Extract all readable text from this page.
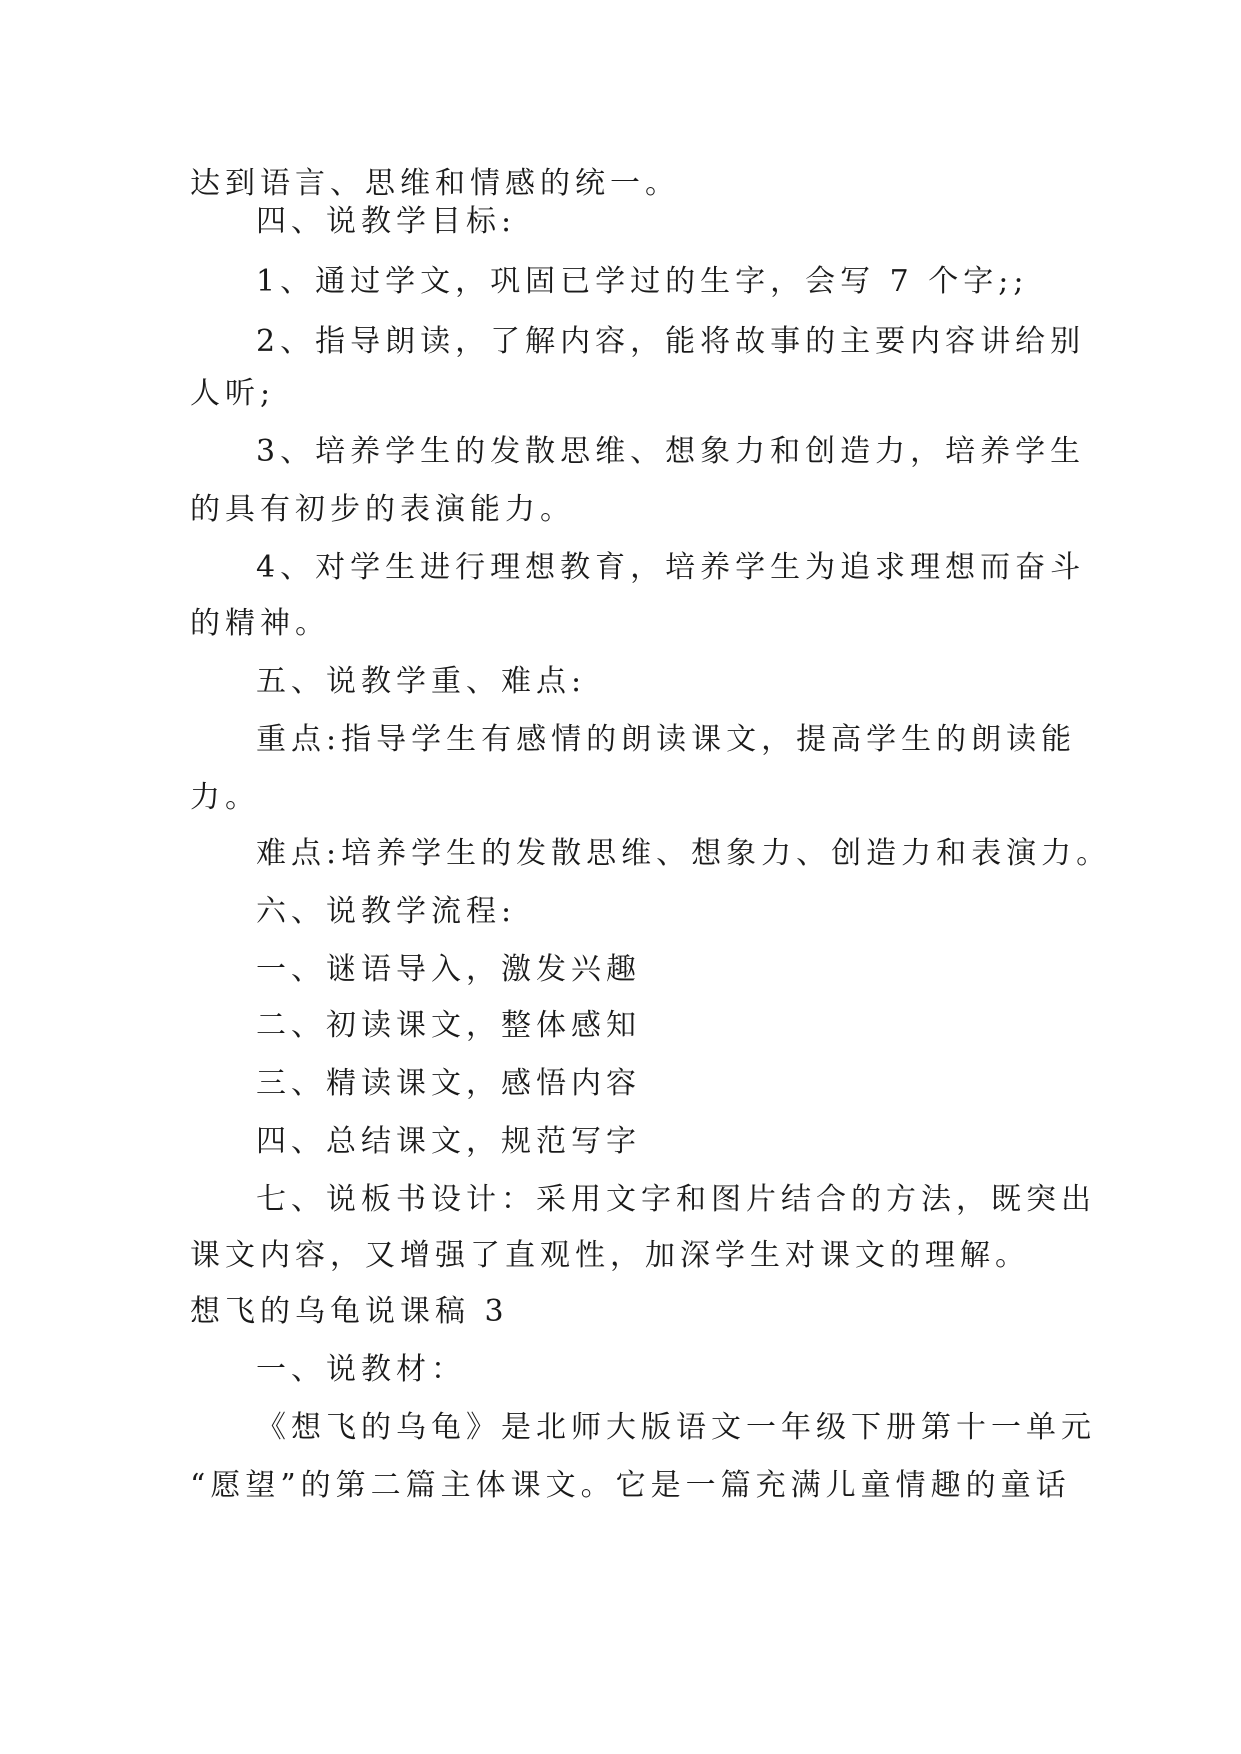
达到语言、思维和情感的统一。
四、说教学目标:
1、通过学文，巩固已学过的生字，会写 7 个字;;
2、指导朗读，了解内容，能将故事的主要内容讲给别
人听;
3、培养学生的发散思维、想象力和创造力，培养学生
的具有初步的表演能力。
4、对学生进行理想教育，培养学生为追求理想而奋斗
的精神。
五、说教学重、难点:
重点:指导学生有感情的朗读课文，提高学生的朗读能
力。
难点:培养学生的发散思维、想象力、创造力和表演力。
六、说教学流程:
一、谜语导入，激发兴趣
二、初读课文，整体感知
三、精读课文，感悟内容
四、总结课文，规范写字
七、说板书设计：采用文字和图片结合的方法，既突出
课文内容，又增强了直观性，加深学生对课文的理解。
想飞的乌龟说课稿 3
一、说教材：
《想飞的乌龟》是北师大版语文一年级下册第十一单元
“愿望”的第二篇主体课文。它是一篇充满儿童情趣的童话
